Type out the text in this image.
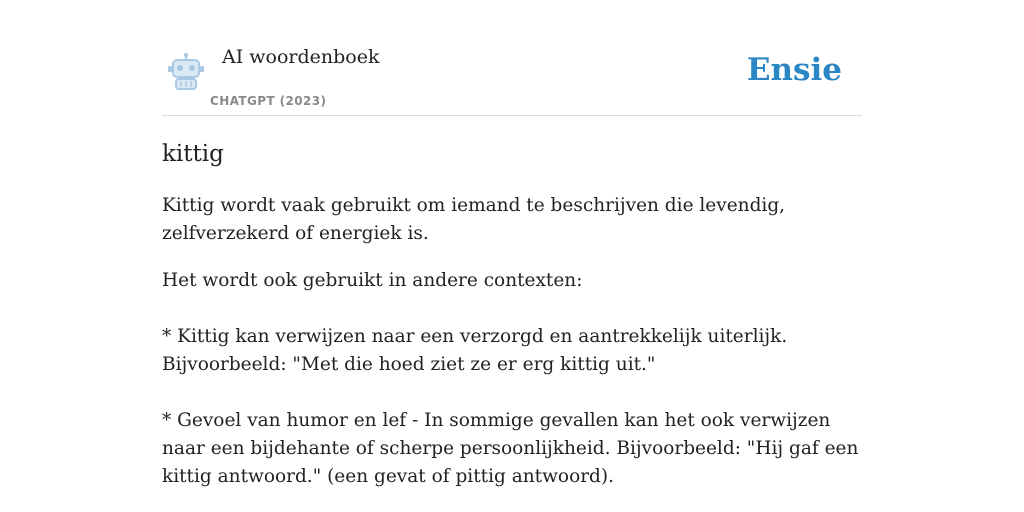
AI woordenboek
CHATGPT (2023)
Ensie
kittig

Kittig wordt vaak gebruikt om iemand te beschrijven die levendig, zelfverzekerd of energiek is.

Het wordt ook gebruikt in andere contexten:

* Kittig kan verwijzen naar een verzorgd en aantrekkelijk uiterlijk.
Bijvoorbeeld: "Met die hoed ziet ze er erg kittig uit."

* Gevoel van humor en lef - In sommige gevallen kan het ook verwijzen naar een bijdehante of scherpe persoonlijkheid. Bijvoorbeeld: "Hij gaf een kittig antwoord." (een gevat of pittig antwoord).
